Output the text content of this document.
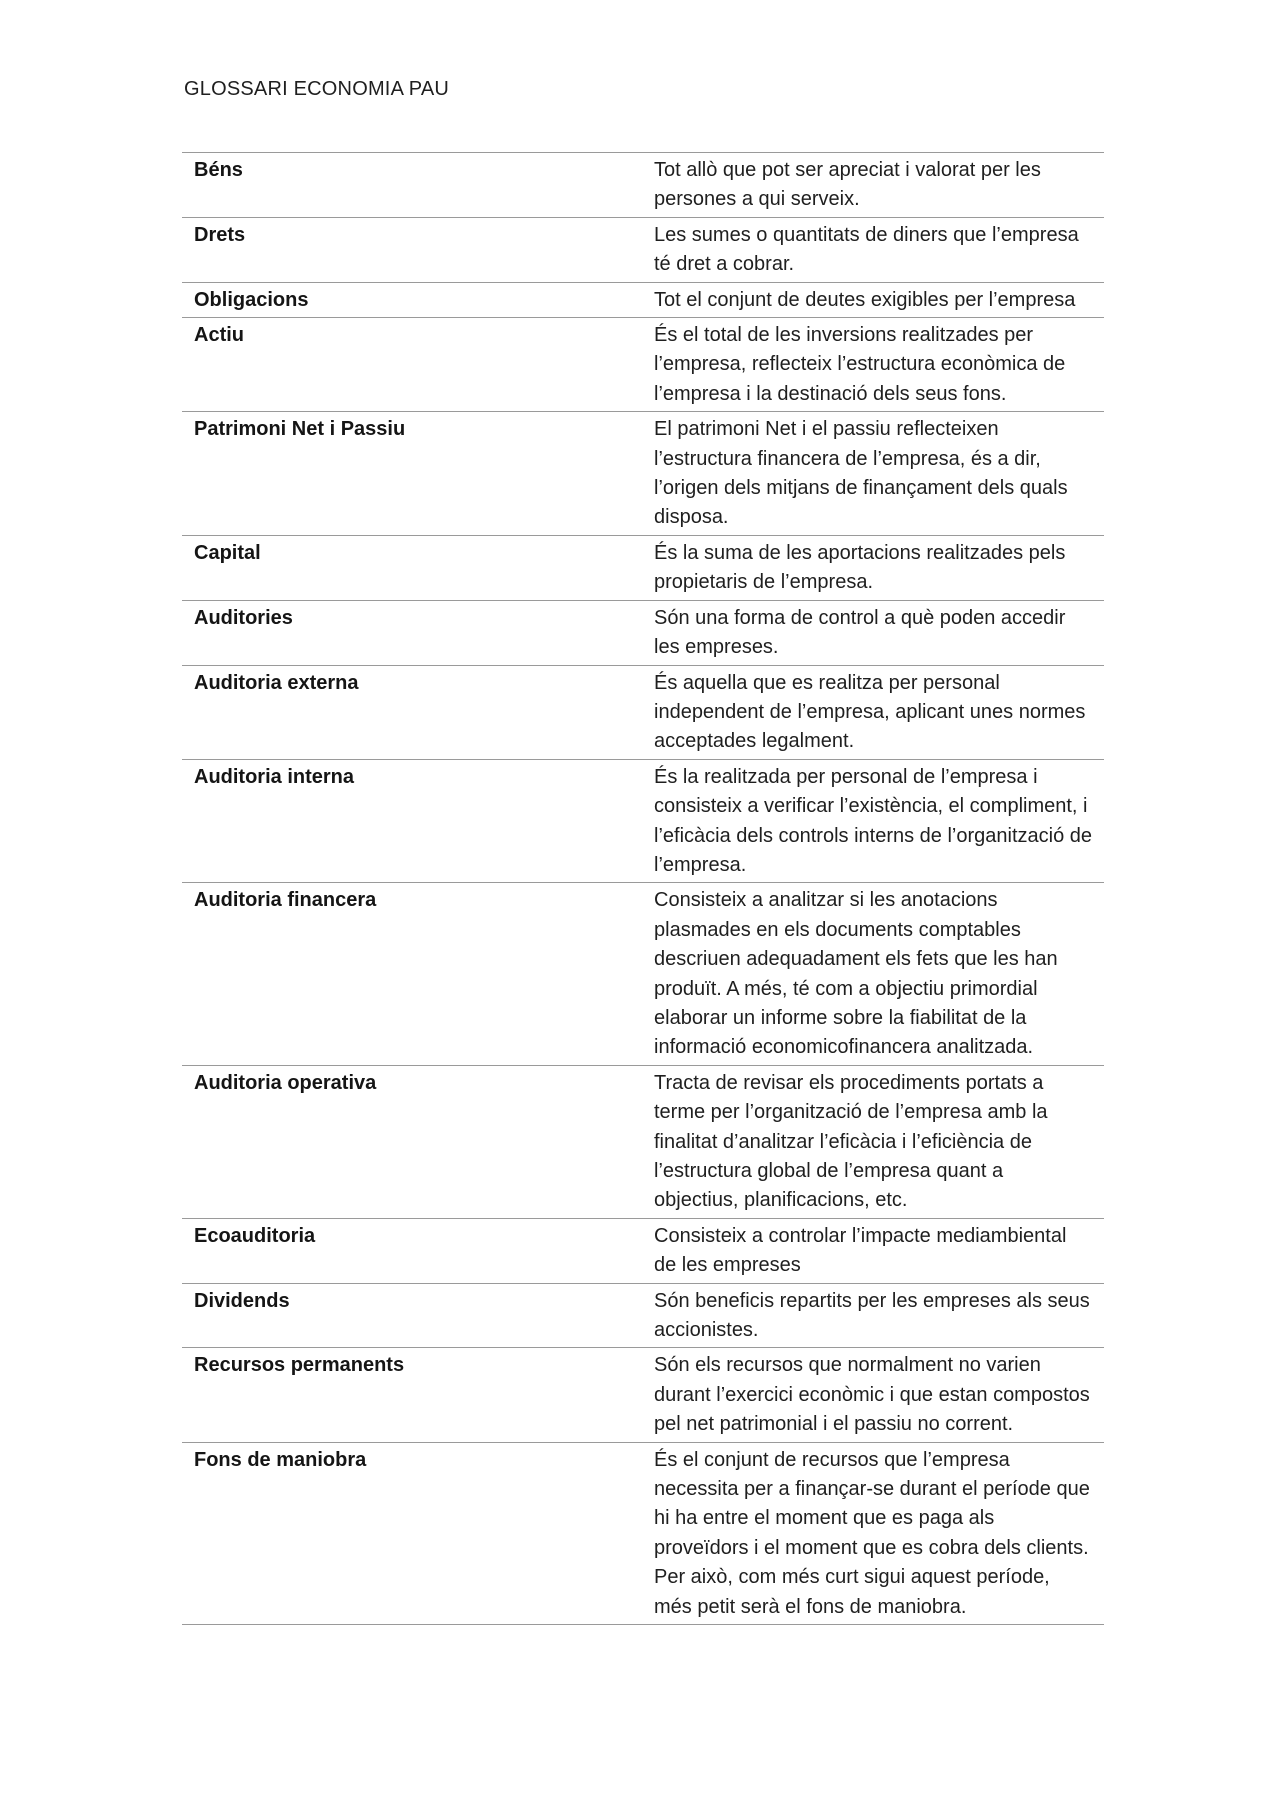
GLOSSARI ECONOMIA PAU
Béns	Tot allò que pot ser apreciat i valorat per les persones a qui serveix.
Drets	Les sumes o quantitats de diners que l’empresa té dret a cobrar.
Obligacions	Tot el conjunt de deutes exigibles per l’empresa
Actiu	És el total de les inversions realitzades per l’empresa, reflecteix l’estructura econòmica de l’empresa i la destinació dels seus fons.
Patrimoni Net i Passiu	El patrimoni Net i el passiu reflecteixen l’estructura financera de l’empresa, és a dir, l’origen dels mitjans de finançament dels quals disposa.
Capital	És la suma de les aportacions realitzades pels propietaris de l’empresa.
Auditories	Són una forma de control a què poden accedir les empreses.
Auditoria externa	És aquella que es realitza per personal independent de l’empresa, aplicant unes normes acceptades legalment.
Auditoria interna	És la realitzada per personal de l’empresa i consisteix a verificar l’existència, el compliment, i l’eficàcia dels controls interns de l’organització de l’empresa.
Auditoria financera	Consisteix a analitzar si les anotacions plasmades en els documents comptables descriuen adequadament els fets que les han produït. A més, té com a objectiu primordial elaborar un informe sobre la fiabilitat de la informació economicofinancera analitzada.
Auditoria operativa	Tracta de revisar els procediments portats a terme per l’organització de l’empresa amb la finalitat d’analitzar l’eficàcia i l’eficiència de l’estructura global de l’empresa quant a objectius, planificacions, etc.
Ecoauditoria	Consisteix a controlar l’impacte mediambiental de les empreses
Dividends	Són beneficis repartits per les empreses als seus accionistes.
Recursos permanents	Són els recursos que normalment no varien durant l’exercici econòmic i que estan compostos pel net patrimonial i el passiu no corrent.
Fons de maniobra	És el conjunt de recursos que l’empresa necessita per a finançar-se durant el període que hi ha entre el moment que es paga als proveïdors i el moment que es cobra dels clients. Per això, com més curt sigui aquest període, més petit serà el fons de maniobra.
